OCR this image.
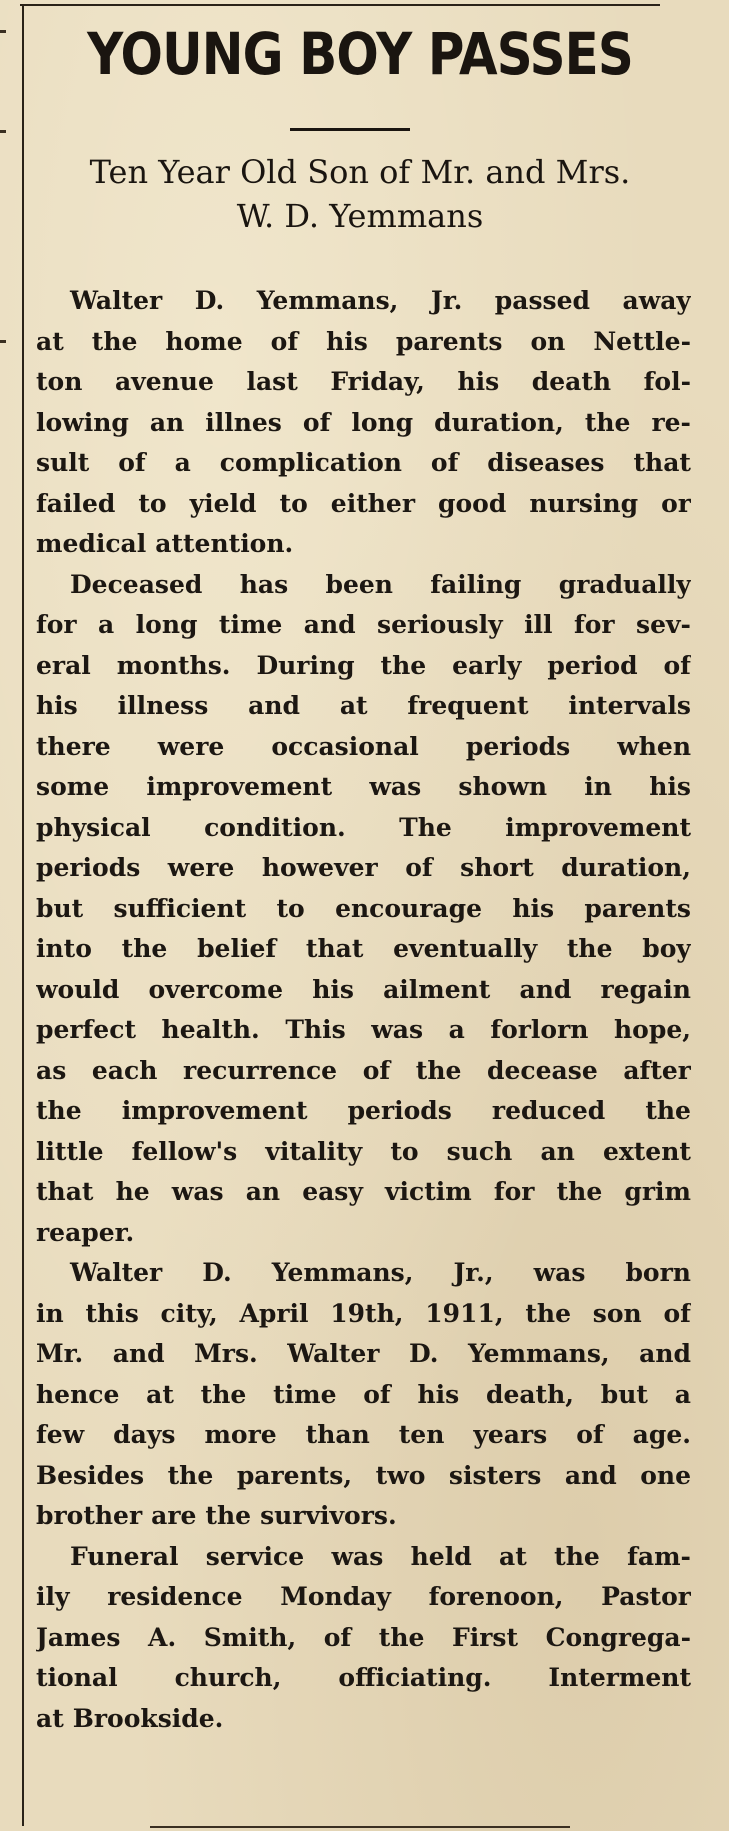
YOUNG BOY PASSES
Ten Year Old Son of Mr. and Mrs.
W. D. Yemmans
Walter D. Yemmans, Jr. passed away
at the home of his parents on Nettle-
ton avenue last Friday, his death fol-
lowing an illnes of long duration, the re-
sult of a complication of diseases that
failed to yield to either good nursing or
medical attention.
Deceased has been failing gradually
for a long time and seriously ill for sev-
eral months. During the early period of
his illness and at frequent intervals
there were occasional periods when
some improvement was shown in his
physical condition. The improvement
periods were however of short duration,
but sufficient to encourage his parents
into the belief that eventually the boy
would overcome his ailment and regain
perfect health. This was a forlorn hope,
as each recurrence of the decease after
the improvement periods reduced the
little fellow's vitality to such an extent
that he was an easy victim for the grim
reaper.
Walter D. Yemmans, Jr., was born
in this city, April 19th, 1911, the son of
Mr. and Mrs. Walter D. Yemmans, and
hence at the time of his death, but a
few days more than ten years of age.
Besides the parents, two sisters and one
brother are the survivors.
Funeral service was held at the fam-
ily residence Monday forenoon, Pastor
James A. Smith, of the First Congrega-
tional church, officiating. Interment
at Brookside.
